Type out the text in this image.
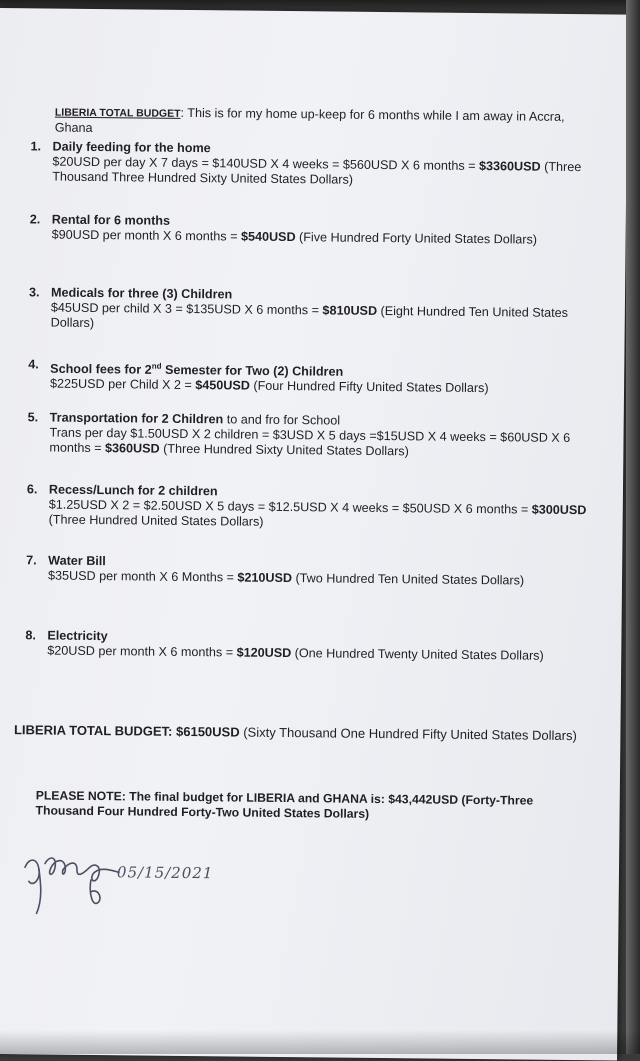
LIBERIA TOTAL BUDGET: This is for my home up-keep for 6 months while I am away in Accra, Ghana
1. Daily feeding for the home
$20USD per day X 7 days = $140USD X 4 weeks = $560USD X 6 months = $3360USD (Three Thousand Three Hundred Sixty United States Dollars)
2. Rental for 6 months
$90USD per month X 6 months = $540USD (Five Hundred Forty United States Dollars)
3. Medicals for three (3) Children
$45USD per child X 3 = $135USD X 6 months = $810USD (Eight Hundred Ten United States Dollars)
4. School fees for 2nd Semester for Two (2) Children
$225USD per Child X 2 = $450USD (Four Hundred Fifty United States Dollars)
5. Transportation for 2 Children to and fro for School
Trans per day $1.50USD X 2 children = $3USD X 5 days =$15USD X 4 weeks = $60USD X 6 months = $360USD (Three Hundred Sixty United States Dollars)
6. Recess/Lunch for 2 children
$1.25USD X 2 = $2.50USD X 5 days = $12.5USD X 4 weeks = $50USD X 6 months = $300USD (Three Hundred United States Dollars)
7. Water Bill
$35USD per month X 6 Months = $210USD (Two Hundred Ten United States Dollars)
8. Electricity
$20USD per month X 6 months = $120USD (One Hundred Twenty United States Dollars)
LIBERIA TOTAL BUDGET: $6150USD (Sixty Thousand One Hundred Fifty United States Dollars)
PLEASE NOTE: The final budget for LIBERIA and GHANA is: $43,442USD (Forty-Three Thousand Four Hundred Forty-Two United States Dollars)
05/15/2021
